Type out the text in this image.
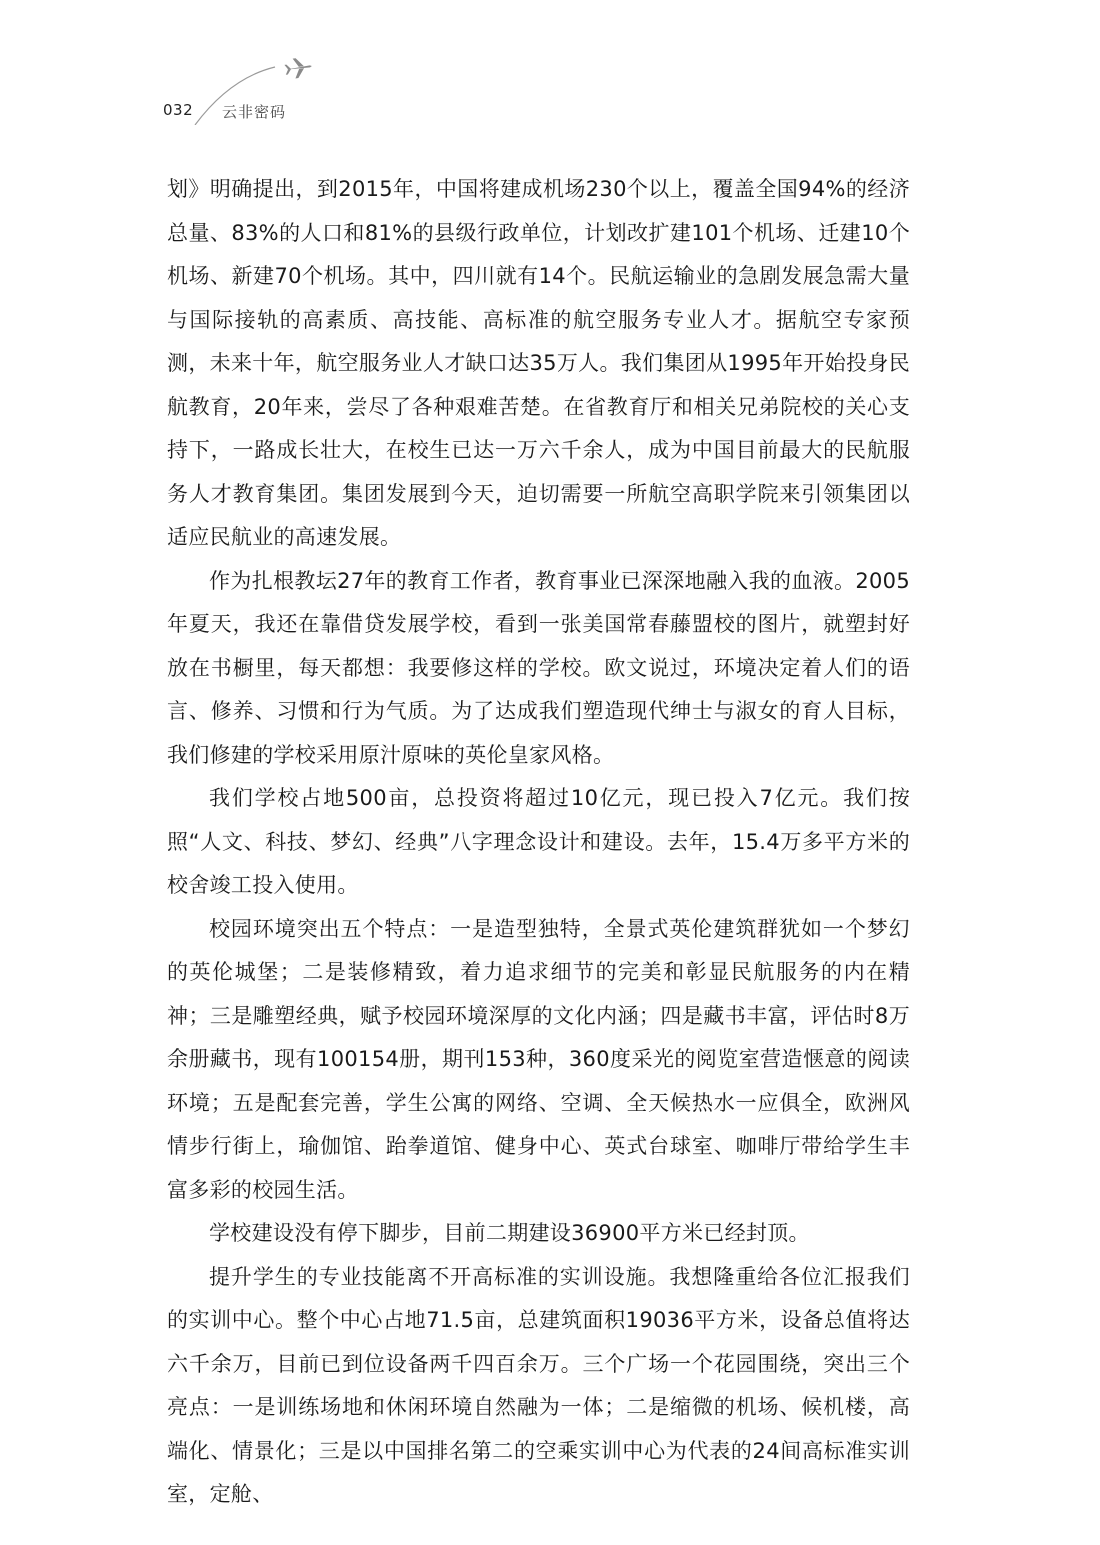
032 云非密码

划》明确提出，到2015年，中国将建成机场230个以上，覆盖全国94%的经济总量、83%的人口和81%的县级行政单位，计划改扩建101个机场、迁建10个机场、新建70个机场。其中，四川就有14个。民航运输业的急剧发展急需大量与国际接轨的高素质、高技能、高标准的航空服务专业人才。据航空专家预测，未来十年，航空服务业人才缺口达35万人。我们集团从1995年开始投身民航教育，20年来，尝尽了各种艰难苦楚。在省教育厅和相关兄弟院校的关心支持下，一路成长壮大，在校生已达一万六千余人，成为中国目前最大的民航服务人才教育集团。集团发展到今天，迫切需要一所航空高职学院来引领集团以适应民航业的高速发展。

作为扎根教坛27年的教育工作者，教育事业已深深地融入我的血液。2005年夏天，我还在靠借贷发展学校，看到一张美国常春藤盟校的图片，就塑封好放在书橱里，每天都想：我要修这样的学校。欧文说过，环境决定着人们的语言、修养、习惯和行为气质。为了达成我们塑造现代绅士与淑女的育人目标，我们修建的学校采用原汁原味的英伦皇家风格。

我们学校占地500亩，总投资将超过10亿元，现已投入7亿元。我们按照“人文、科技、梦幻、经典”八字理念设计和建设。去年，15.4万多平方米的校舍竣工投入使用。

校园环境突出五个特点：一是造型独特，全景式英伦建筑群犹如一个梦幻的英伦城堡；二是装修精致，着力追求细节的完美和彰显民航服务的内在精神；三是雕塑经典，赋予校园环境深厚的文化内涵；四是藏书丰富，评估时8万余册藏书，现有100154册，期刊153种，360度采光的阅览室营造惬意的阅读环境；五是配套完善，学生公寓的网络、空调、全天候热水一应俱全，欧洲风情步行街上，瑜伽馆、跆拳道馆、健身中心、英式台球室、咖啡厅带给学生丰富多彩的校园生活。

学校建设没有停下脚步，目前二期建设36900平方米已经封顶。

提升学生的专业技能离不开高标准的实训设施。我想隆重给各位汇报我们的实训中心。整个中心占地71.5亩，总建筑面积19036平方米，设备总值将达六千余万，目前已到位设备两千四百余万。三个广场一个花园围绕，突出三个亮点：一是训练场地和休闲环境自然融为一体；二是缩微的机场、候机楼，高端化、情景化；三是以中国排名第二的空乘实训中心为代表的24间高标准实训室，定舱、
